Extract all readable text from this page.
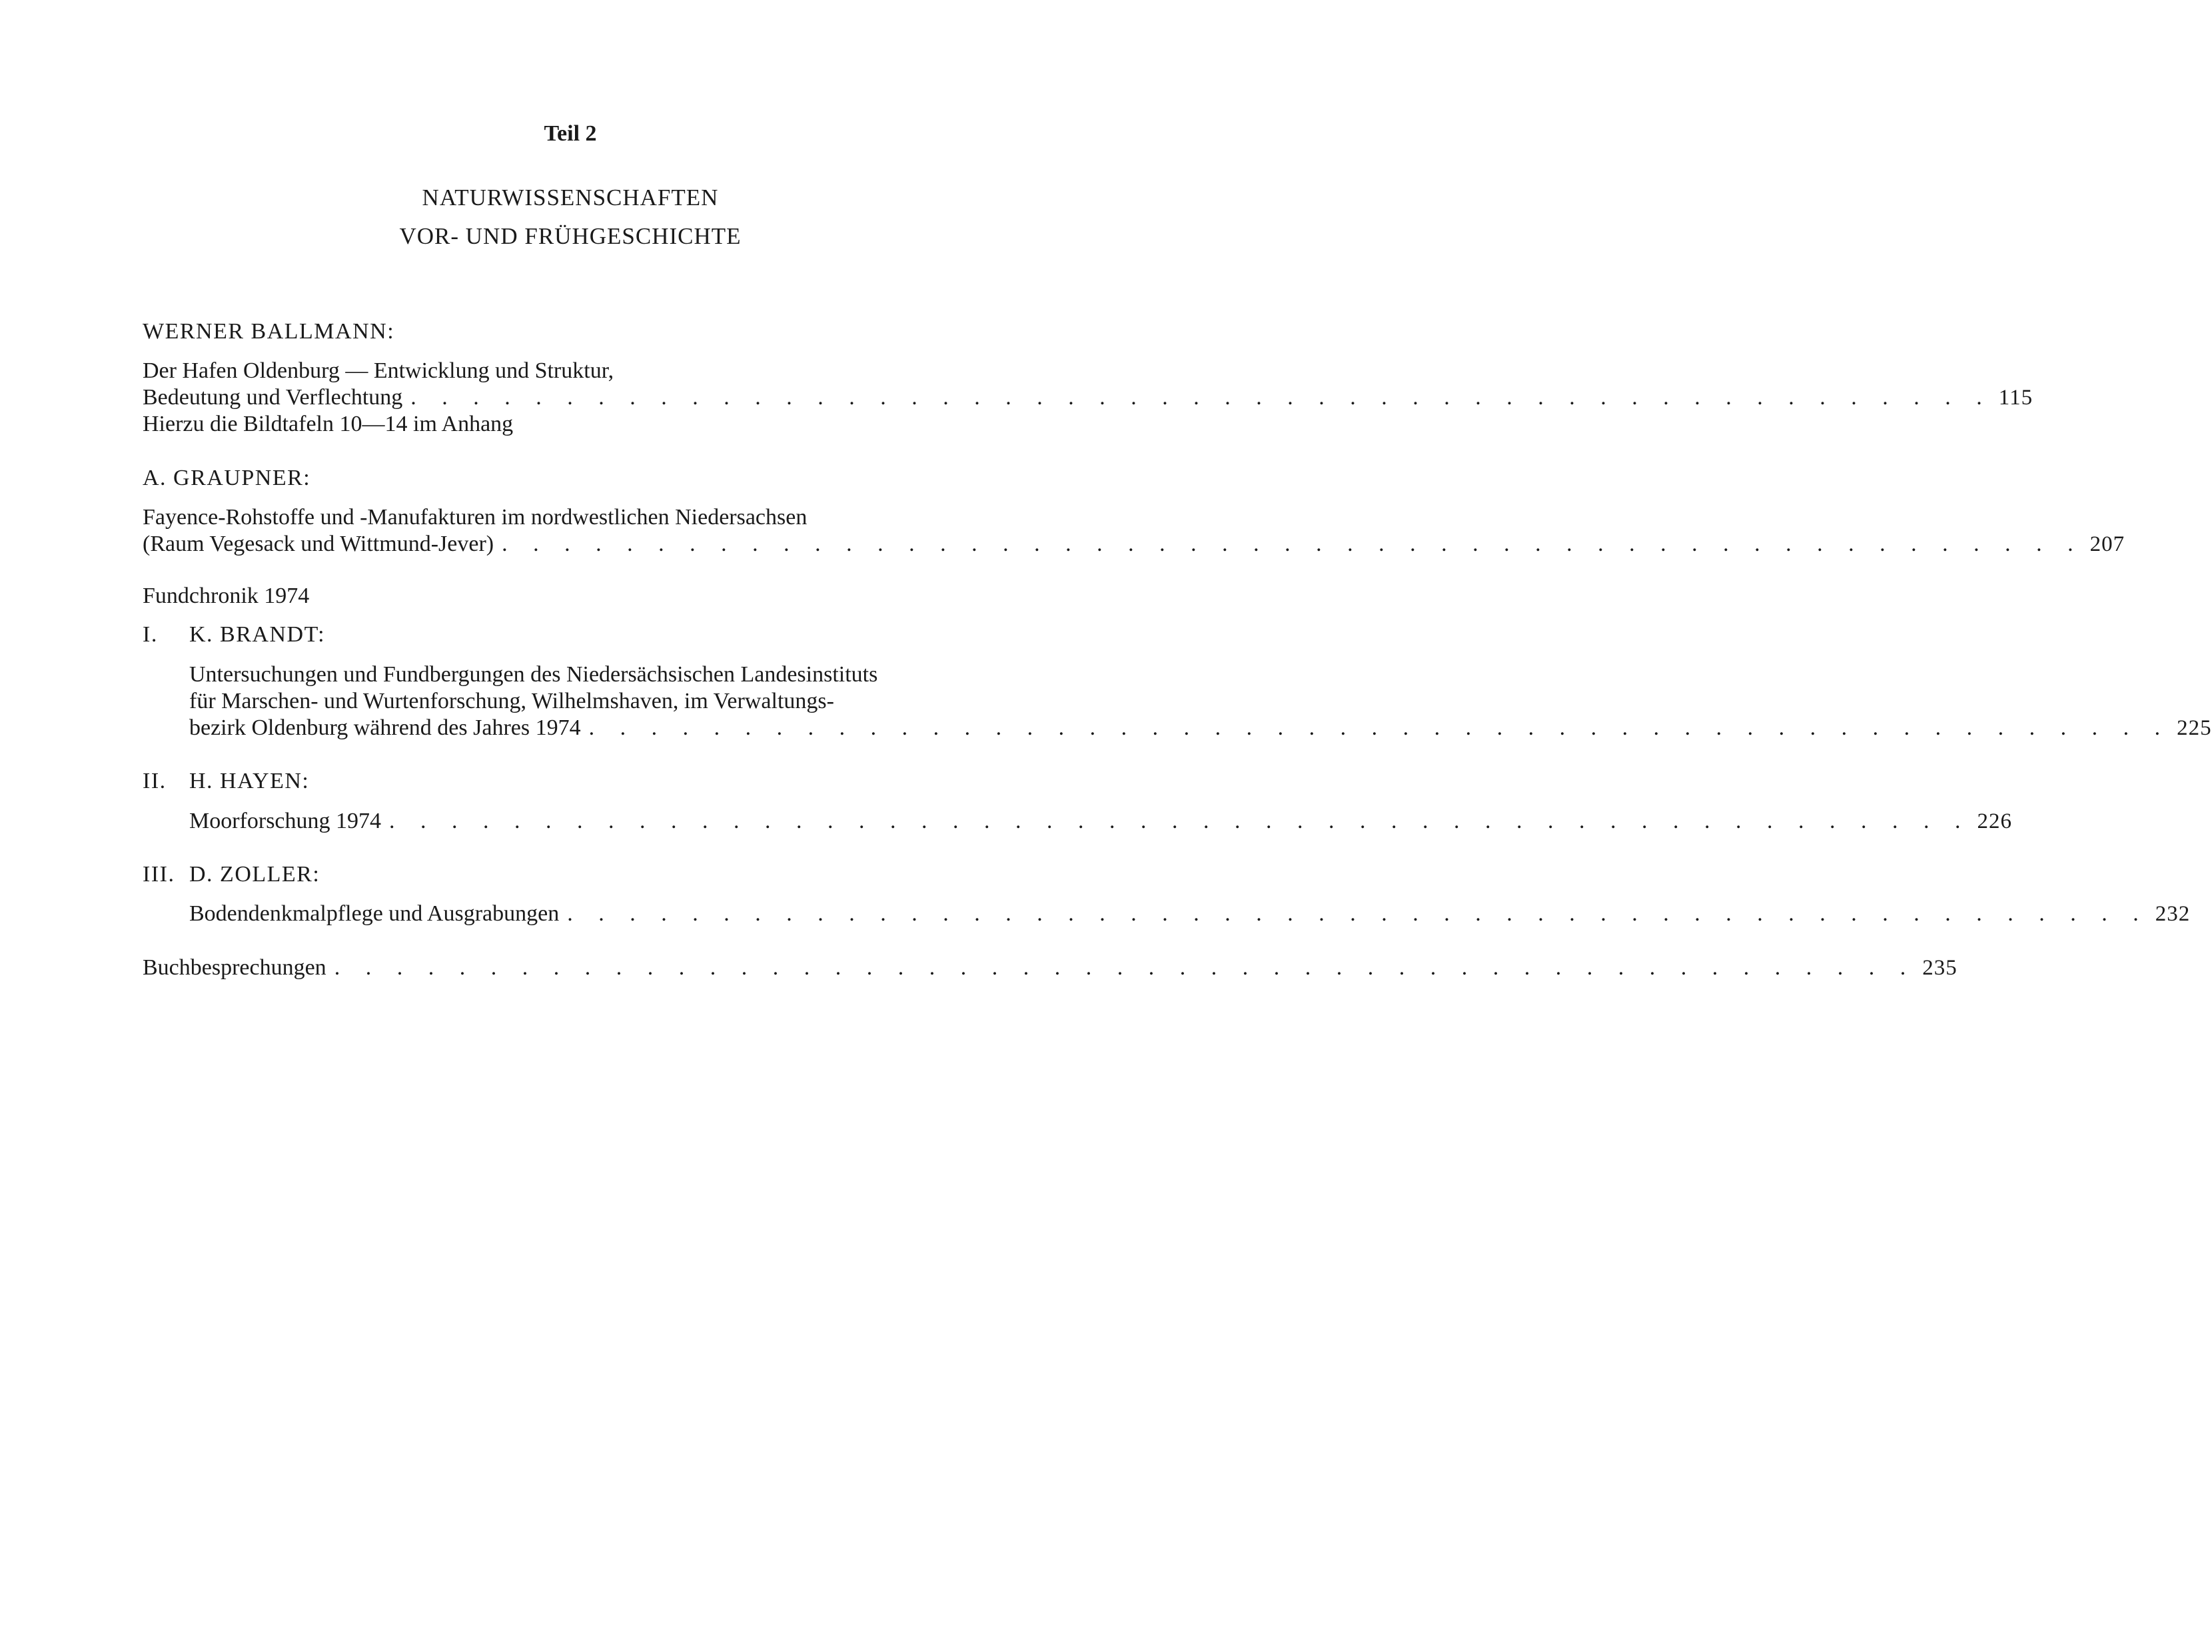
Teil 2
NATURWISSENSCHAFTEN
VOR- UND FRÜHGESCHICHTE
WERNER BALLMANN:
Der Hafen Oldenburg — Entwicklung und Struktur,
Bedeutung und Verflechtung . . . . . . . . . . . . . . . . . . . . . . . . . . . . . . . . . . . . . . . . . . . . . . . . . . . 115
Hierzu die Bildtafeln 10—14 im Anhang
A. GRAUPNER:
Fayence-Rohstoffe und -Manufakturen im nordwestlichen Niedersachsen
(Raum Vegesack und Wittmund-Jever) . . . . . . . . . . . . . . . . . . . . . . . . . . . . . . . . . . . . . . . . . . . . . . . . . . . 207
Fundchronik 1974
I. K. BRANDT:
Untersuchungen und Fundbergungen des Niedersächsischen Landesinstituts
für Marschen- und Wurtenforschung, Wilhelmshaven, im Verwaltungs-
bezirk Oldenburg während des Jahres 1974 . . . . . . . . . . . . . . . . . . . . . . . . . . . . . . . . . . . . . . . . . . . . . . . . . . . 225
II. H. HAYEN:
Moorforschung 1974 . . . . . . . . . . . . . . . . . . . . . . . . . . . . . . . . . . . . . . . . . . . . . . . . . . . 226
III. D. ZOLLER:
Bodendenkmalpflege und Ausgrabungen . . . . . . . . . . . . . . . . . . . . . . . . . . . . . . . . . . . . . . . . . . . . . . . . . . . 232
Buchbesprechungen . . . . . . . . . . . . . . . . . . . . . . . . . . . . . . . . . . . . . . . . . . . . . . . . . . . 235
